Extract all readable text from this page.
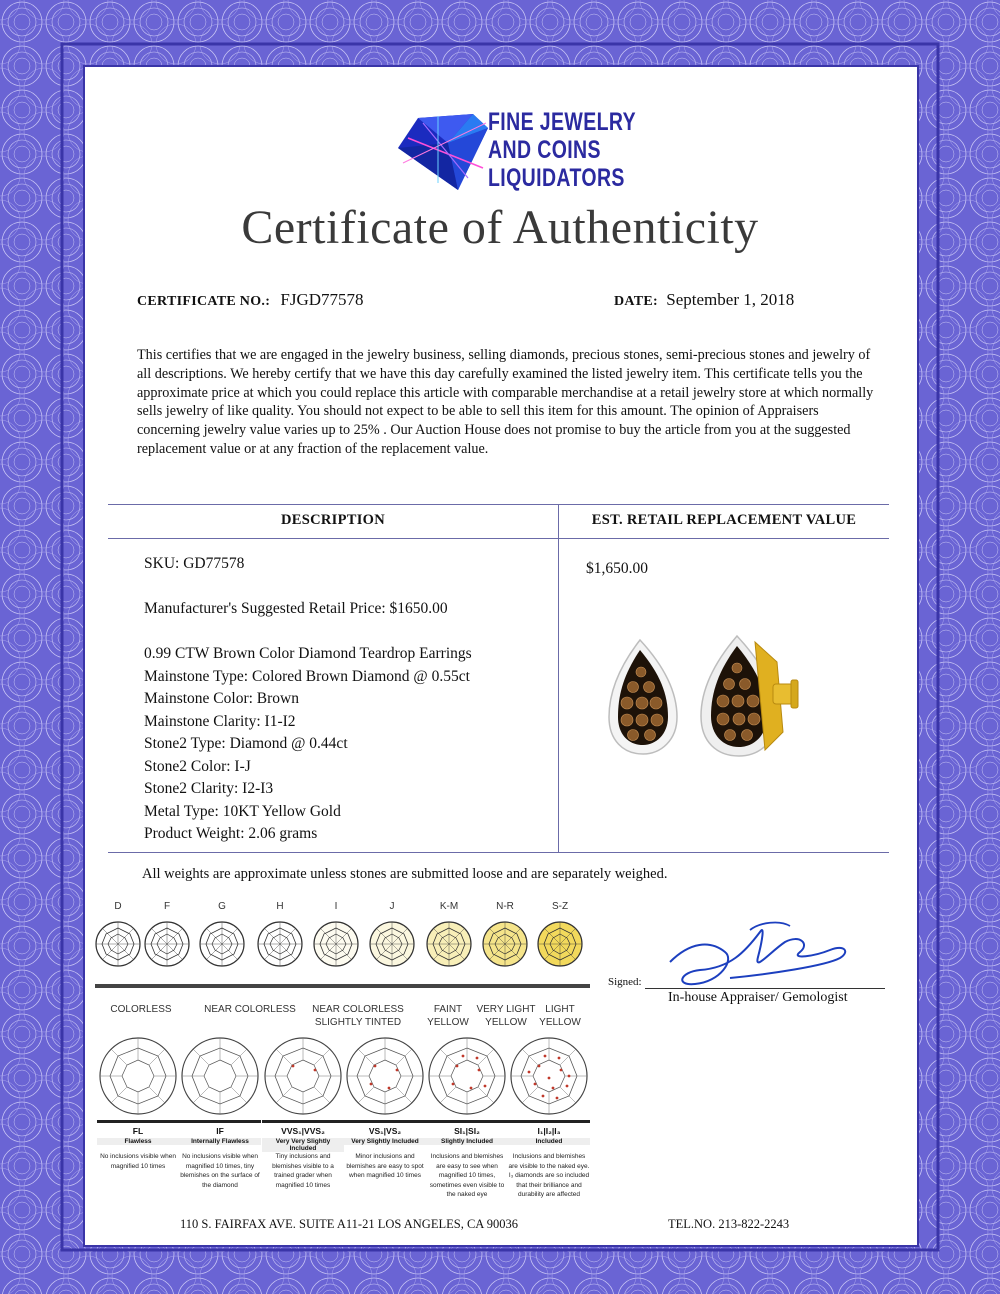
FINE JEWELRY
AND COINS
LIQUIDATORS
Certificate of Authenticity
CERTIFICATE NO.: FJGD77578	DATE: September 1, 2018
This certifies that we are engaged in the jewelry business, selling diamonds, precious stones, semi-precious stones and jewelry of all descriptions. We hereby certify that we have this day carefully examined the listed jewelry item. This certificate tells you the approximate price at which you could replace this article with comparable merchandise at a retail jewelry store at which normally sells jewelry of like quality. You should not expect to be able to sell this item for this amount. The opinion of Appraisers concerning jewelry value varies up to 25% . Our Auction House does not promise to buy the article from you at the suggested replacement value or at any fraction of the replacement value.
DESCRIPTION	EST. RETAIL REPLACEMENT VALUE
SKU: GD77578
Manufacturer's Suggested Retail Price: $1650.00
0.99 CTW Brown Color Diamond Teardrop Earrings
Mainstone Type: Colored Brown Diamond @ 0.55ct
Mainstone Color: Brown
Mainstone Clarity: I1-I2
Stone2 Type: Diamond @ 0.44ct
Stone2 Color: I-J
Stone2 Clarity: I2-I3
Metal Type: 10KT Yellow Gold
Product Weight: 2.06 grams
$1,650.00
All weights are approximate unless stones are submitted loose and are separately weighed.
D	F	G	H	I	J	K-M	N-R	S-Z
COLORLESS	NEAR COLORLESS	NEAR COLORLESS
SLIGHTLY TINTED
FAINT
YELLOW
VERY LIGHT
YELLOW
LIGHT
YELLOW
FL
Flawless
No inclusions visible when magnified 10 times
IF
Internally Flawless
No inclusions visible when magnified 10 times, tiny blemishes on the surface of the diamond
VVS₁|VVS₂
Very Very Slightly Included
Tiny inclusions and blemishes visible to a trained grader when magnified 10 times
VS₁|VS₂
Very Slightly Included
Minor inclusions and blemishes are easy to spot when magnified 10 times
SI₁|SI₂
Slightly Included
Inclusions and blemishes are easy to see when magnified 10 times, sometimes even visible to the naked eye
I₁|I₂|I₃
Included
Inclusions and blemishes are visible to the naked eye. I₃ diamonds are so included that their brilliance and durability are affected
Signed:
In-house Appraiser/ Gemologist
110 S. FAIRFAX AVE. SUITE A11-21 LOS ANGELES, CA 90036	TEL.NO. 213-822-2243
